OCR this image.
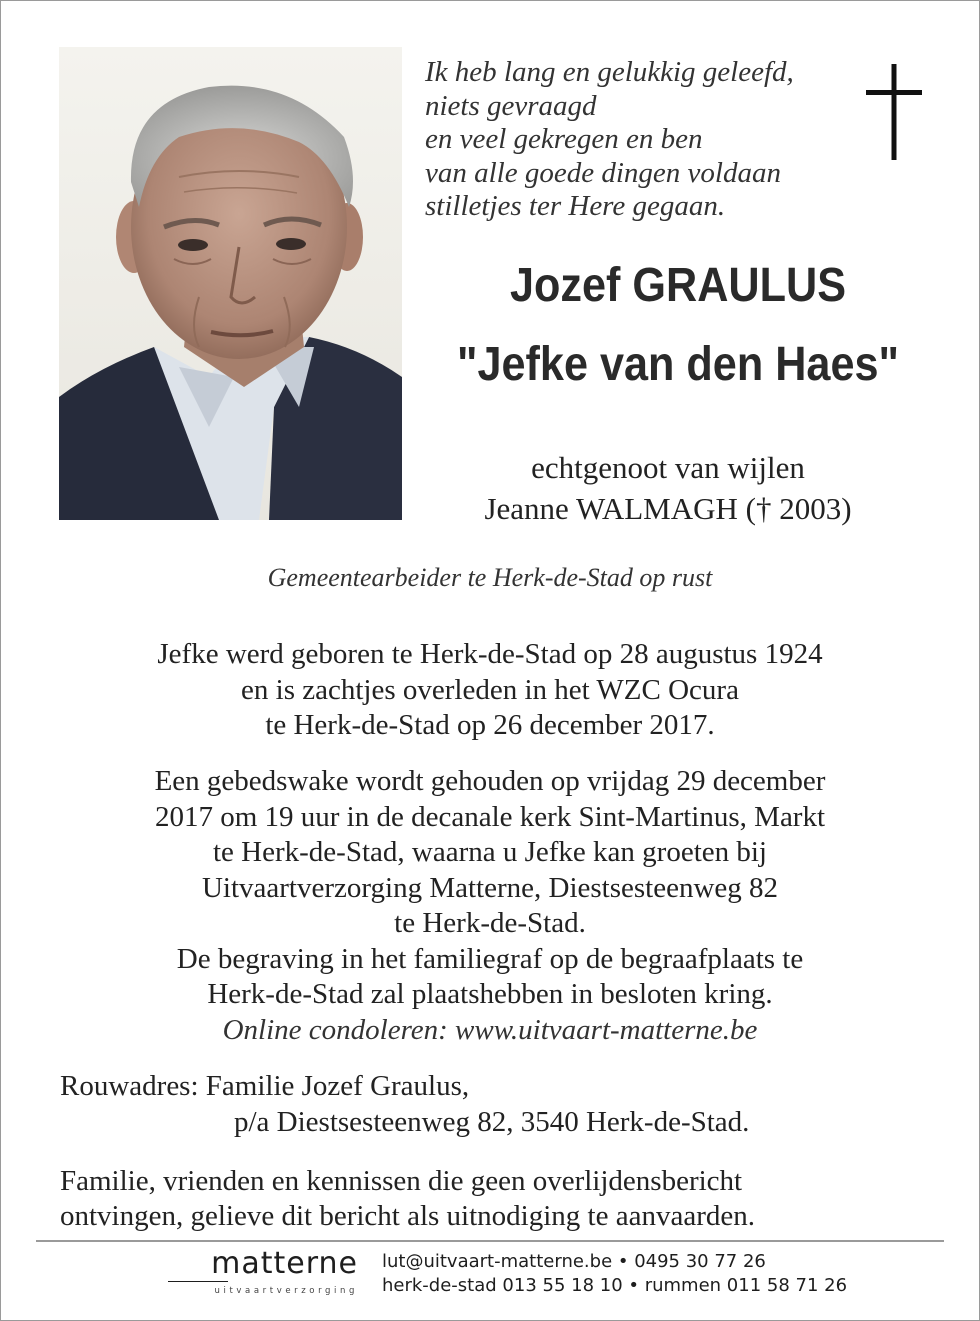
Ik heb lang en gelukkig geleefd,
niets gevraagd
en veel gekregen en ben
van alle goede dingen voldaan
stilletjes ter Here gegaan.
Jozef GRAULUS
"Jefke van den Haes"
echtgenoot van wijlen
Jeanne WALMAGH († 2003)
Gemeentearbeider te Herk-de-Stad op rust
Jefke werd geboren te Herk-de-Stad op 28 augustus 1924
en is zachtjes overleden in het WZC Ocura
te Herk-de-Stad op 26 december 2017.
Een gebedswake wordt gehouden op vrijdag 29 december
2017 om 19 uur in de decanale kerk Sint-Martinus, Markt
te Herk-de-Stad, waarna u Jefke kan groeten bij
Uitvaartverzorging Matterne, Diestsesteenweg 82
te Herk-de-Stad.
De begraving in het familiegraf op de begraafplaats te
Herk-de-Stad zal plaatshebben in besloten kring.
Online condoleren: www.uitvaart-matterne.be
Rouwadres: Familie Jozef Graulus,
p/a Diestsesteenweg 82, 3540 Herk-de-Stad.
Familie, vrienden en kennissen die geen overlijdensbericht
ontvingen, gelieve dit bericht als uitnodiging te aanvaarden.
matterne
uitvaartverzorging
lut@uitvaart-matterne.be • 0495 30 77 26
herk-de-stad 013 55 18 10 • rummen 011 58 71 26
